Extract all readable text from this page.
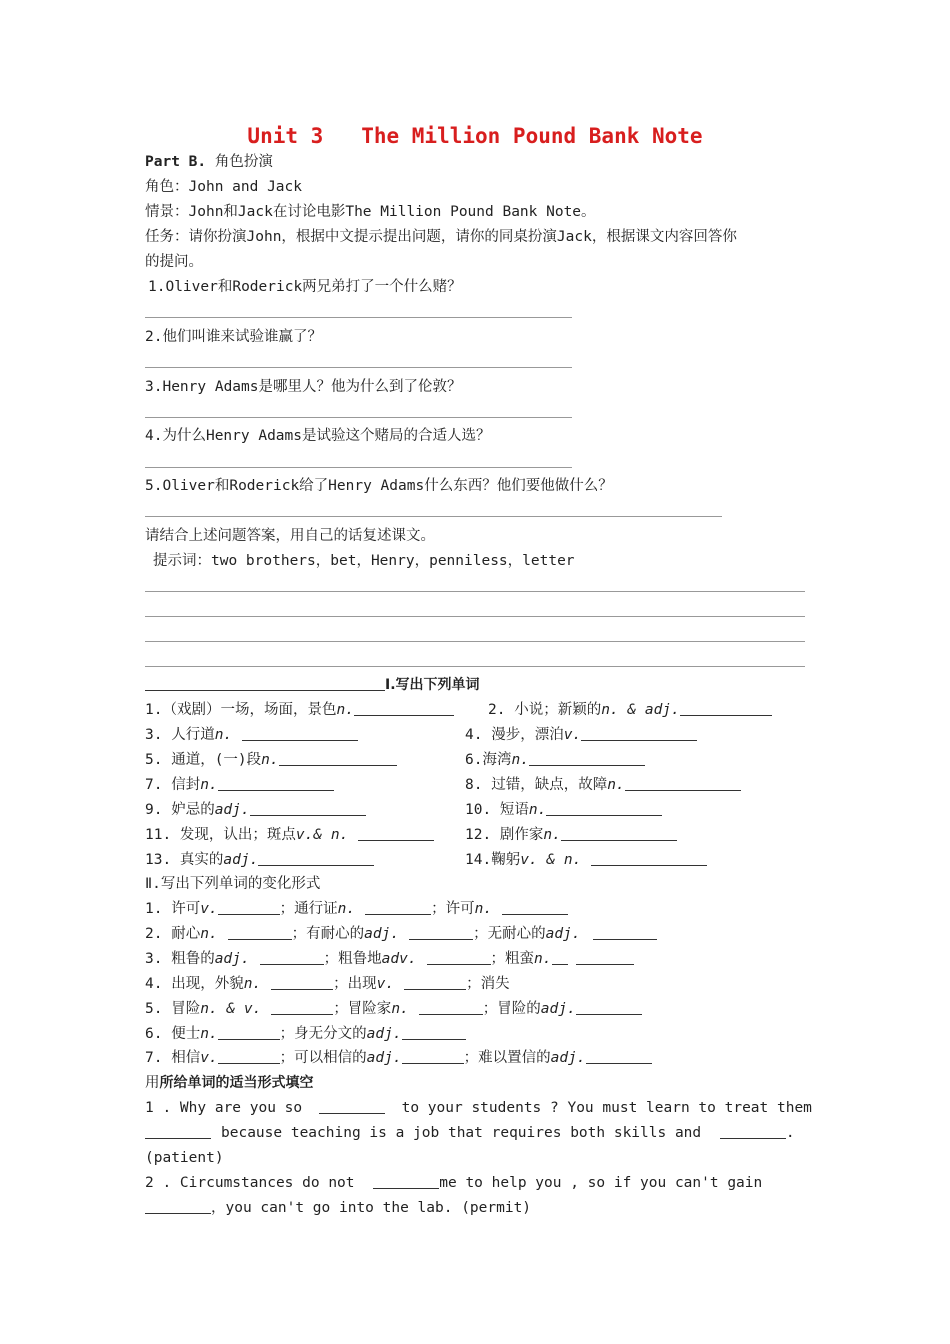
Unit 3   The Million Pound Bank Note
Part B. 角色扮演
角色：John and Jack
情景：John和Jack在讨论电影The Million Pound Bank Note。
任务：请你扮演John，根据中文提示提出问题，请你的同桌扮演Jack，根据课文内容回答你
的提问。
1.Oliver和Roderick两兄弟打了一个什么赌？
2.他们叫谁来试验谁赢了？
3.Henry Adams是哪里人？他为什么到了伦敦？
4.为什么Henry Adams是试验这个赌局的合适人选？
5.Oliver和Roderick给了Henry Adams什么东西？他们要他做什么？
请结合上述问题答案，用自己的话复述课文。
提示词：two brothers，bet，Henry，penniless，letter
Ⅰ.写出下列单词
1.（戏剧）一场，场面，景色n.	2. 小说；新颖的n. & adj.
3. 人行道n.	4. 漫步，漂泊v.
5. 通道，(一)段n.	6.海湾n.
7. 信封n.	8. 过错，缺点，故障n.
9. 妒忌的adj.	10. 短语n.
11. 发现，认出；斑点v.& n.	12. 剧作家n.
13. 真实的adj.	14.鞠躬v. & n.
Ⅱ.写出下列单词的变化形式
1. 许可v.	；通行证n.	；许可n.
2. 耐心n.	；有耐心的adj.	；无耐心的adj.
3. 粗鲁的adj.	；粗鲁地adv.	；粗蛮n.
4. 出现，外貌n.	；出现v.	；消失
5. 冒险n. & v.	；冒险家n.	；冒险的adj.
6. 便士n.	；身无分文的adj.
7. 相信v.	；可以相信的adj.	；难以置信的adj.
用所给单词的适当形式填空
1 . Why are you so	to your students ? You must learn to treat them
because teaching is a job that requires both skills and	.
(patient)
2 . Circumstances do not	me to help you , so if you can't gain
，you can't go into the lab. (permit)
